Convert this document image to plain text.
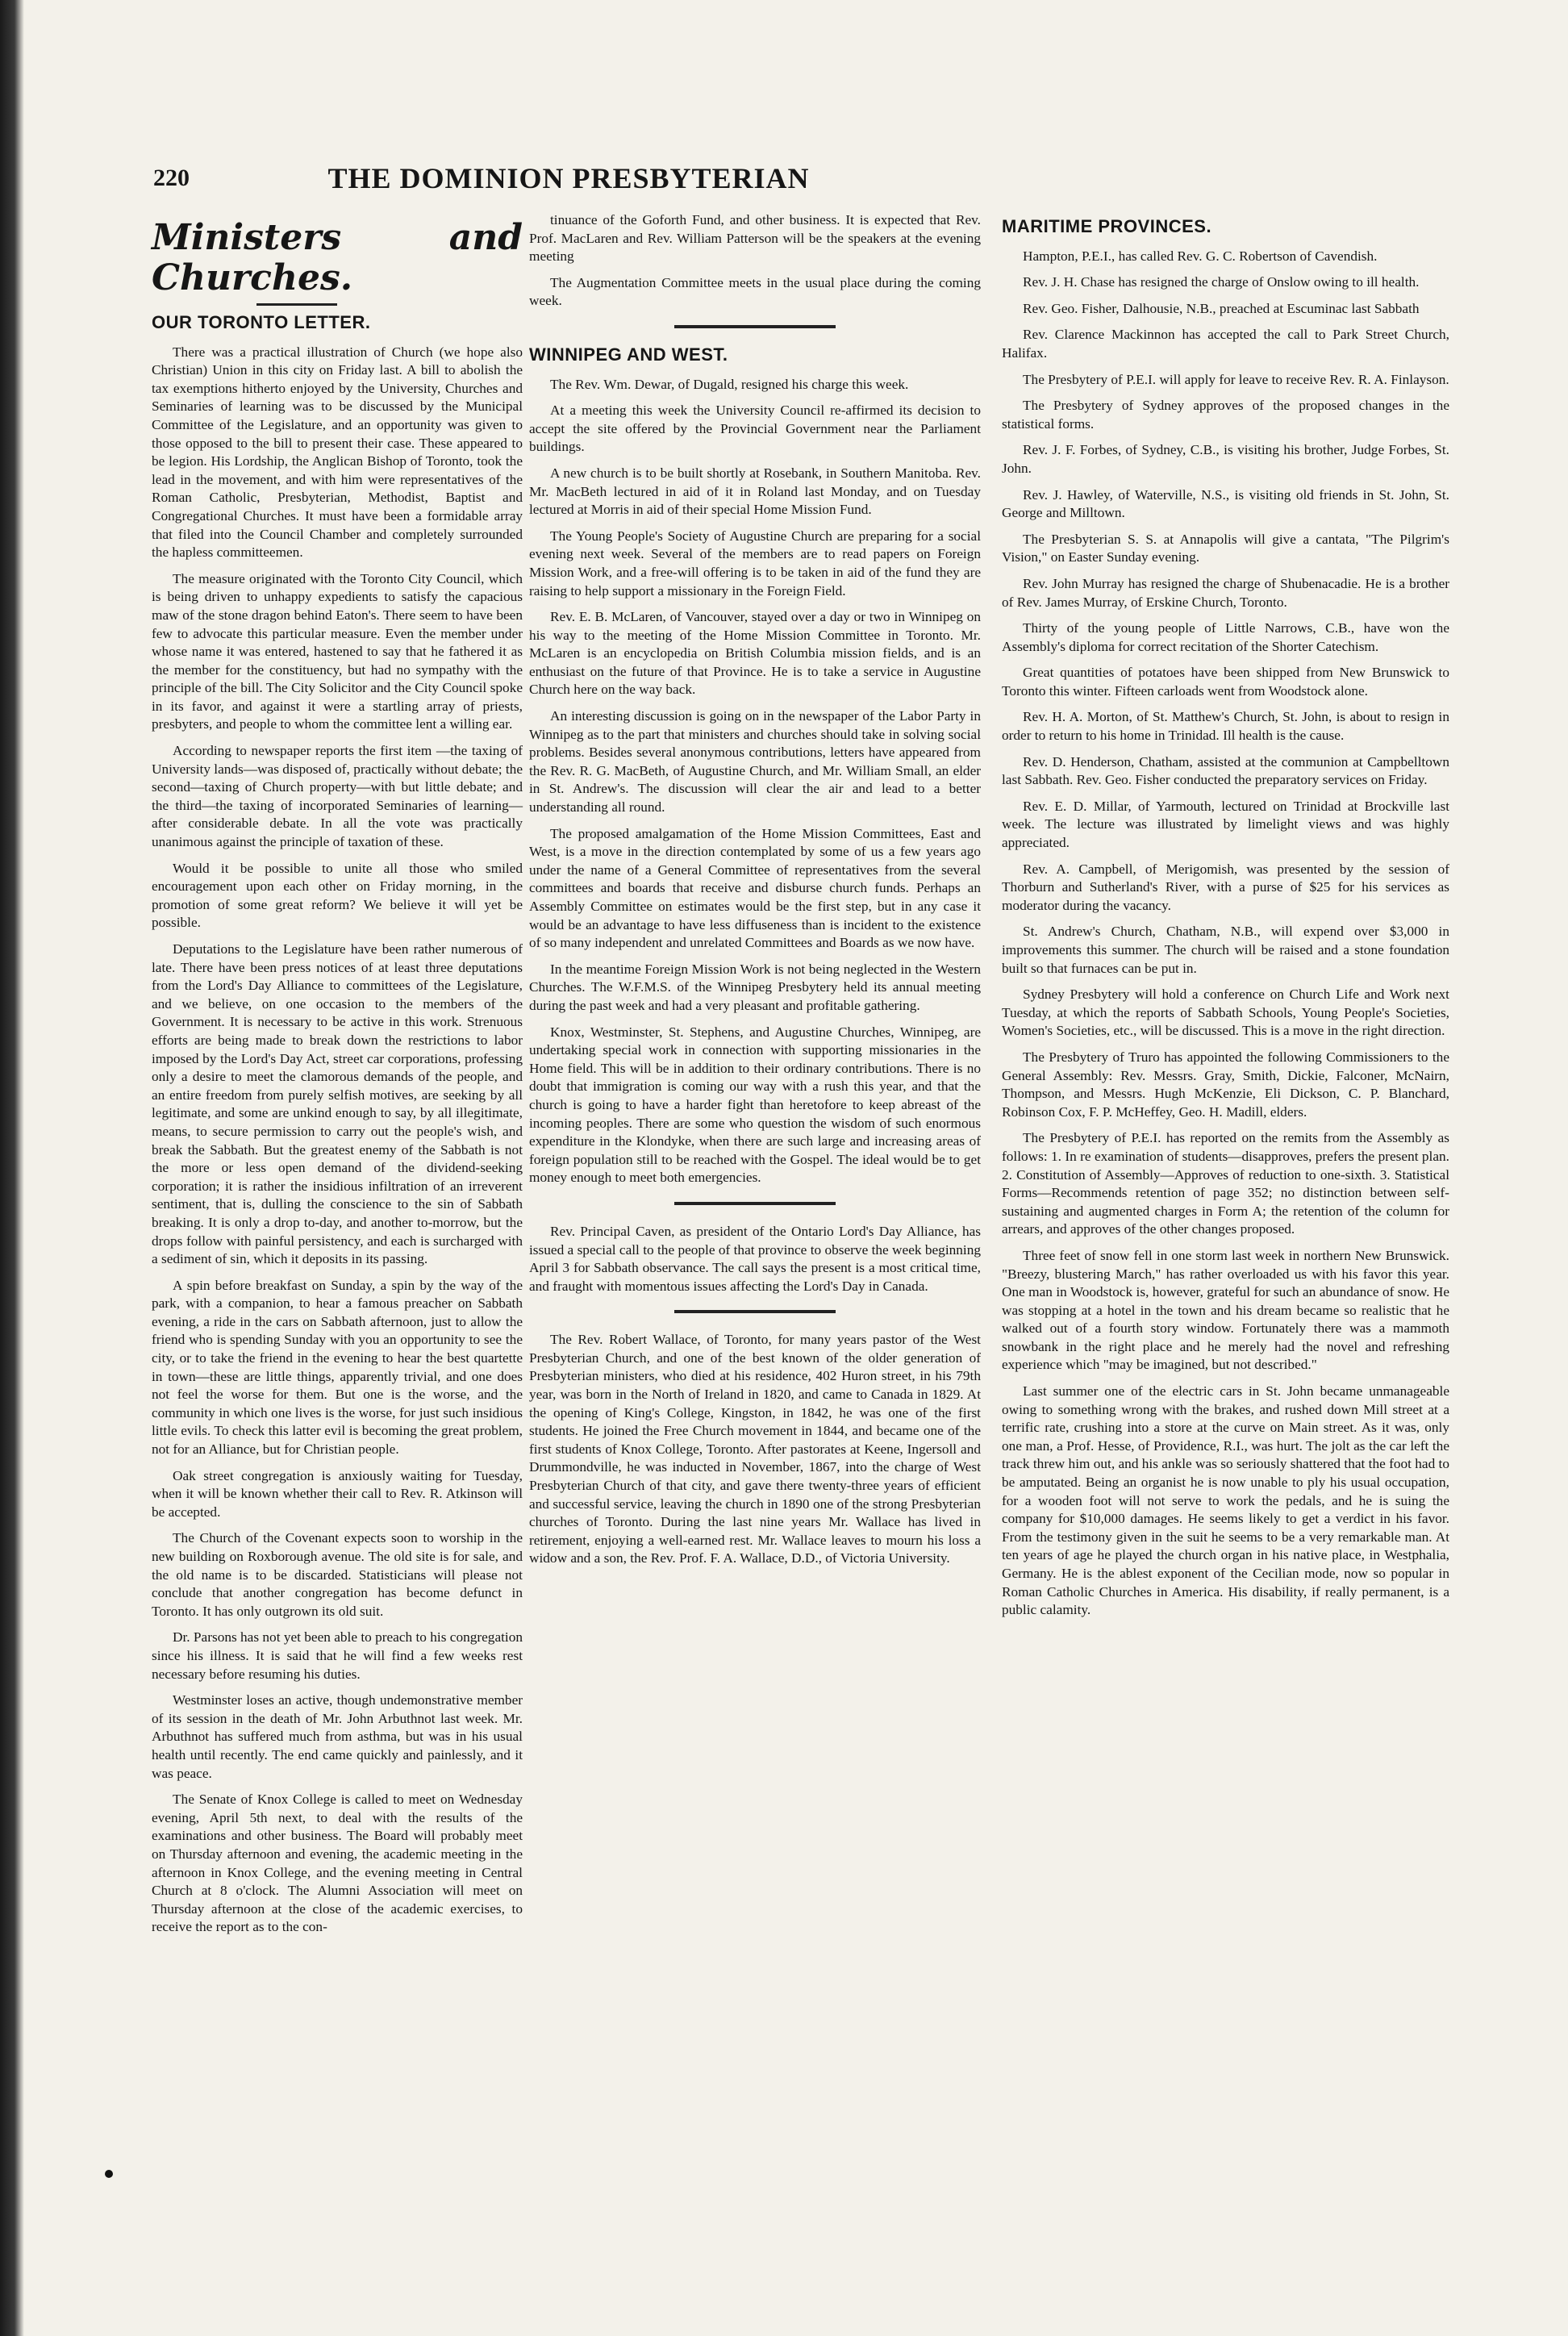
220	THE DOMINION PRESBYTERIAN
Ministers and Churches.
OUR TORONTO LETTER.

There was a practical illustration of Church (we hope also Christian) Union in this city on Friday last. A bill to abolish the tax exemptions hitherto enjoyed by the University, Churches and Seminaries of learning was to be discussed by the Municipal Committee of the Legislature, and an opportunity was given to those opposed to the bill to present their case. These appeared to be legion. His Lordship, the Anglican Bishop of Toronto, took the lead in the movement, and with him were representatives of the Roman Catholic, Presbyterian, Methodist, Baptist and Congregational Churches. It must have been a formidable array that filed into the Council Chamber and completely surrounded the hapless committeemen.

The measure originated with the Toronto City Council, which is being driven to unhappy expedients to satisfy the capacious maw of the stone dragon behind Eaton's. There seem to have been few to advocate this particular measure. Even the member under whose name it was entered, hastened to say that he fathered it as the member for the constituency, but had no sympathy with the principle of the bill. The City Solicitor and the City Council spoke in its favor, and against it were a startling array of priests, presbyters, and people to whom the committee lent a willing ear.

According to newspaper reports the first item —the taxing of University lands—was disposed of, practically without debate; the second—taxing of Church property—with but little debate; and the third—the taxing of incorporated Seminaries of learning—after considerable debate. In all the vote was practically unanimous against the principle of taxation of these.

Would it be possible to unite all those who smiled encouragement upon each other on Friday morning, in the promotion of some great reform? We believe it will yet be possible.

Deputations to the Legislature have been rather numerous of late. There have been press notices of at least three deputations from the Lord's Day Alliance to committees of the Legislature, and we believe, on one occasion to the members of the Government. It is necessary to be active in this work. Strenuous efforts are being made to break down the restrictions to labor imposed by the Lord's Day Act, street car corporations, professing only a desire to meet the clamorous demands of the people, and an entire freedom from purely selfish motives, are seeking by all legitimate, and some are unkind enough to say, by all illegitimate, means, to secure permission to carry out the people's wish, and break the Sabbath. But the greatest enemy of the Sabbath is not the more or less open demand of the dividend-seeking corporation; it is rather the insidious infiltration of an irreverent sentiment, that is, dulling the conscience to the sin of Sabbath breaking. It is only a drop to-day, and another to-morrow, but the drops follow with painful persistency, and each is surcharged with a sediment of sin, which it deposits in its passing.

A spin before breakfast on Sunday, a spin by the way of the park, with a companion, to hear a famous preacher on Sabbath evening, a ride in the cars on Sabbath afternoon, just to allow the friend who is spending Sunday with you an opportunity to see the city, or to take the friend in the evening to hear the best quartette in town—these are little things, apparently trivial, and one does not feel the worse for them. But one is the worse, and the community in which one lives is the worse, for just such insidious little evils. To check this latter evil is becoming the great problem, not for an Alliance, but for Christian people.

Oak street congregation is anxiously waiting for Tuesday, when it will be known whether their call to Rev. R. Atkinson will be accepted.

The Church of the Covenant expects soon to worship in the new building on Roxborough avenue. The old site is for sale, and the old name is to be discarded. Statisticians will please not conclude that another congregation has become defunct in Toronto. It has only outgrown its old suit.

Dr. Parsons has not yet been able to preach to his congregation since his illness. It is said that he will find a few weeks rest necessary before resuming his duties.

Westminster loses an active, though undemonstrative member of its session in the death of Mr. John Arbuthnot last week. Mr. Arbuthnot has suffered much from asthma, but was in his usual health until recently. The end came quickly and painlessly, and it was peace.

The Senate of Knox College is called to meet on Wednesday evening, April 5th next, to deal with the results of the examinations and other business. The Board will probably meet on Thursday afternoon and evening, the academic meeting in the afternoon in Knox College, and the evening meeting in Central Church at 8 o'clock. The Alumni Association will meet on Thursday afternoon at the close of the academic exercises, to receive the report as to the con-

tinuance of the Goforth Fund, and other business. It is expected that Rev. Prof. MacLaren and Rev. William Patterson will be the speakers at the evening meeting

The Augmentation Committee meets in the usual place during the coming week.

WINNIPEG AND WEST.

The Rev. Wm. Dewar, of Dugald, resigned his charge this week.

At a meeting this week the University Council re-affirmed its decision to accept the site offered by the Provincial Government near the Parliament buildings.

A new church is to be built shortly at Rosebank, in Southern Manitoba. Rev. Mr. MacBeth lectured in aid of it in Roland last Monday, and on Tuesday lectured at Morris in aid of their special Home Mission Fund.

The Young People's Society of Augustine Church are preparing for a social evening next week. Several of the members are to read papers on Foreign Mission Work, and a free-will offering is to be taken in aid of the fund they are raising to help support a missionary in the Foreign Field.

Rev. E. B. McLaren, of Vancouver, stayed over a day or two in Winnipeg on his way to the meeting of the Home Mission Committee in Toronto. Mr. McLaren is an encyclopedia on British Columbia mission fields, and is an enthusiast on the future of that Province. He is to take a service in Augustine Church here on the way back.

An interesting discussion is going on in the newspaper of the Labor Party in Winnipeg as to the part that ministers and churches should take in solving social problems. Besides several anonymous contributions, letters have appeared from the Rev. R. G. MacBeth, of Augustine Church, and Mr. William Small, an elder in St. Andrew's. The discussion will clear the air and lead to a better understanding all round.

The proposed amalgamation of the Home Mission Committees, East and West, is a move in the direction contemplated by some of us a few years ago under the name of a General Committee of representatives from the several committees and boards that receive and disburse church funds. Perhaps an Assembly Committee on estimates would be the first step, but in any case it would be an advantage to have less diffuseness than is incident to the existence of so many independent and unrelated Committees and Boards as we now have.

In the meantime Foreign Mission Work is not being neglected in the Western Churches. The W.F.M.S. of the Winnipeg Presbytery held its annual meeting during the past week and had a very pleasant and profitable gathering.

Knox, Westminster, St. Stephens, and Augustine Churches, Winnipeg, are undertaking special work in connection with supporting missionaries in the Home field. This will be in addition to their ordinary contributions. There is no doubt that immigration is coming our way with a rush this year, and that the church is going to have a harder fight than heretofore to keep abreast of the incoming peoples. There are some who question the wisdom of such enormous expenditure in the Klondyke, when there are such large and increasing areas of foreign population still to be reached with the Gospel. The ideal would be to get money enough to meet both emergencies.

Rev. Principal Caven, as president of the Ontario Lord's Day Alliance, has issued a special call to the people of that province to observe the week beginning April 3 for Sabbath observance. The call says the present is a most critical time, and fraught with momentous issues affecting the Lord's Day in Canada.

The Rev. Robert Wallace, of Toronto, for many years pastor of the West Presbyterian Church, and one of the best known of the older generation of Presbyterian ministers, who died at his residence, 402 Huron street, in his 79th year, was born in the North of Ireland in 1820, and came to Canada in 1829. At the opening of King's College, Kingston, in 1842, he was one of the first students. He joined the Free Church movement in 1844, and became one of the first students of Knox College, Toronto. After pastorates at Keene, Ingersoll and Drummondville, he was inducted in November, 1867, into the charge of West Presbyterian Church of that city, and gave there twenty-three years of efficient and successful service, leaving the church in 1890 one of the strong Presbyterian churches of Toronto. During the last nine years Mr. Wallace has lived in retirement, enjoying a well-earned rest. Mr. Wallace leaves to mourn his loss a widow and a son, the Rev. Prof. F. A. Wallace, D.D., of Victoria University.

MARITIME PROVINCES.

Hampton, P.E.I., has called Rev. G. C. Robertson of Cavendish.

Rev. J. H. Chase has resigned the charge of Onslow owing to ill health.

Rev. Geo. Fisher, Dalhousie, N.B., preached at Escuminac last Sabbath

Rev. Clarence Mackinnon has accepted the call to Park Street Church, Halifax.

The Presbytery of P.E.I. will apply for leave to receive Rev. R. A. Finlayson.

The Presbytery of Sydney approves of the proposed changes in the statistical forms.

Rev. J. F. Forbes, of Sydney, C.B., is visiting his brother, Judge Forbes, St. John.

Rev. J. Hawley, of Waterville, N.S., is visiting old friends in St. John, St. George and Milltown.

The Presbyterian S. S. at Annapolis will give a cantata, "The Pilgrim's Vision," on Easter Sunday evening.

Rev. John Murray has resigned the charge of Shubenacadie. He is a brother of Rev. James Murray, of Erskine Church, Toronto.

Thirty of the young people of Little Narrows, C.B., have won the Assembly's diploma for correct recitation of the Shorter Catechism.

Great quantities of potatoes have been shipped from New Brunswick to Toronto this winter. Fifteen carloads went from Woodstock alone.

Rev. H. A. Morton, of St. Matthew's Church, St. John, is about to resign in order to return to his home in Trinidad. Ill health is the cause.

Rev. D. Henderson, Chatham, assisted at the communion at Campbelltown last Sabbath. Rev. Geo. Fisher conducted the preparatory services on Friday.

Rev. E. D. Millar, of Yarmouth, lectured on Trinidad at Brockville last week. The lecture was illustrated by limelight views and was highly appreciated.

Rev. A. Campbell, of Merigomish, was presented by the session of Thorburn and Sutherland's River, with a purse of $25 for his services as moderator during the vacancy.

St. Andrew's Church, Chatham, N.B., will expend over $3,000 in improvements this summer. The church will be raised and a stone foundation built so that furnaces can be put in.

Sydney Presbytery will hold a conference on Church Life and Work next Tuesday, at which the reports of Sabbath Schools, Young People's Societies, Women's Societies, etc., will be discussed. This is a move in the right direction.

The Presbytery of Truro has appointed the following Commissioners to the General Assembly: Rev. Messrs. Gray, Smith, Dickie, Falconer, McNairn, Thompson, and Messrs. Hugh McKenzie, Eli Dickson, C. P. Blanchard, Robinson Cox, F. P. McHeffey, Geo. H. Madill, elders.

The Presbytery of P.E.I. has reported on the remits from the Assembly as follows: 1. In re examination of students—disapproves, prefers the present plan. 2. Constitution of Assembly—Approves of reduction to one-sixth. 3. Statistical Forms—Recommends retention of page 352; no distinction between self-sustaining and augmented charges in Form A; the retention of the column for arrears, and approves of the other changes proposed.

Three feet of snow fell in one storm last week in northern New Brunswick. "Breezy, blustering March," has rather overloaded us with his favor this year. One man in Woodstock is, however, grateful for such an abundance of snow. He was stopping at a hotel in the town and his dream became so realistic that he walked out of a fourth story window. Fortunately there was a mammoth snowbank in the right place and he merely had the novel and refreshing experience which "may be imagined, but not described."

Last summer one of the electric cars in St. John became unmanageable owing to something wrong with the brakes, and rushed down Mill street at a terrific rate, crushing into a store at the curve on Main street. As it was, only one man, a Prof. Hesse, of Providence, R.I., was hurt. The jolt as the car left the track threw him out, and his ankle was so seriously shattered that the foot had to be amputated. Being an organist he is now unable to ply his usual occupation, for a wooden foot will not serve to work the pedals, and he is suing the company for $10,000 damages. He seems likely to get a verdict in his favor. From the testimony given in the suit he seems to be a very remarkable man. At ten years of age he played the church organ in his native place, in Westphalia, Germany. He is the ablest exponent of the Cecilian mode, now so popular in Roman Catholic Churches in America. His disability, if really permanent, is a public calamity.
